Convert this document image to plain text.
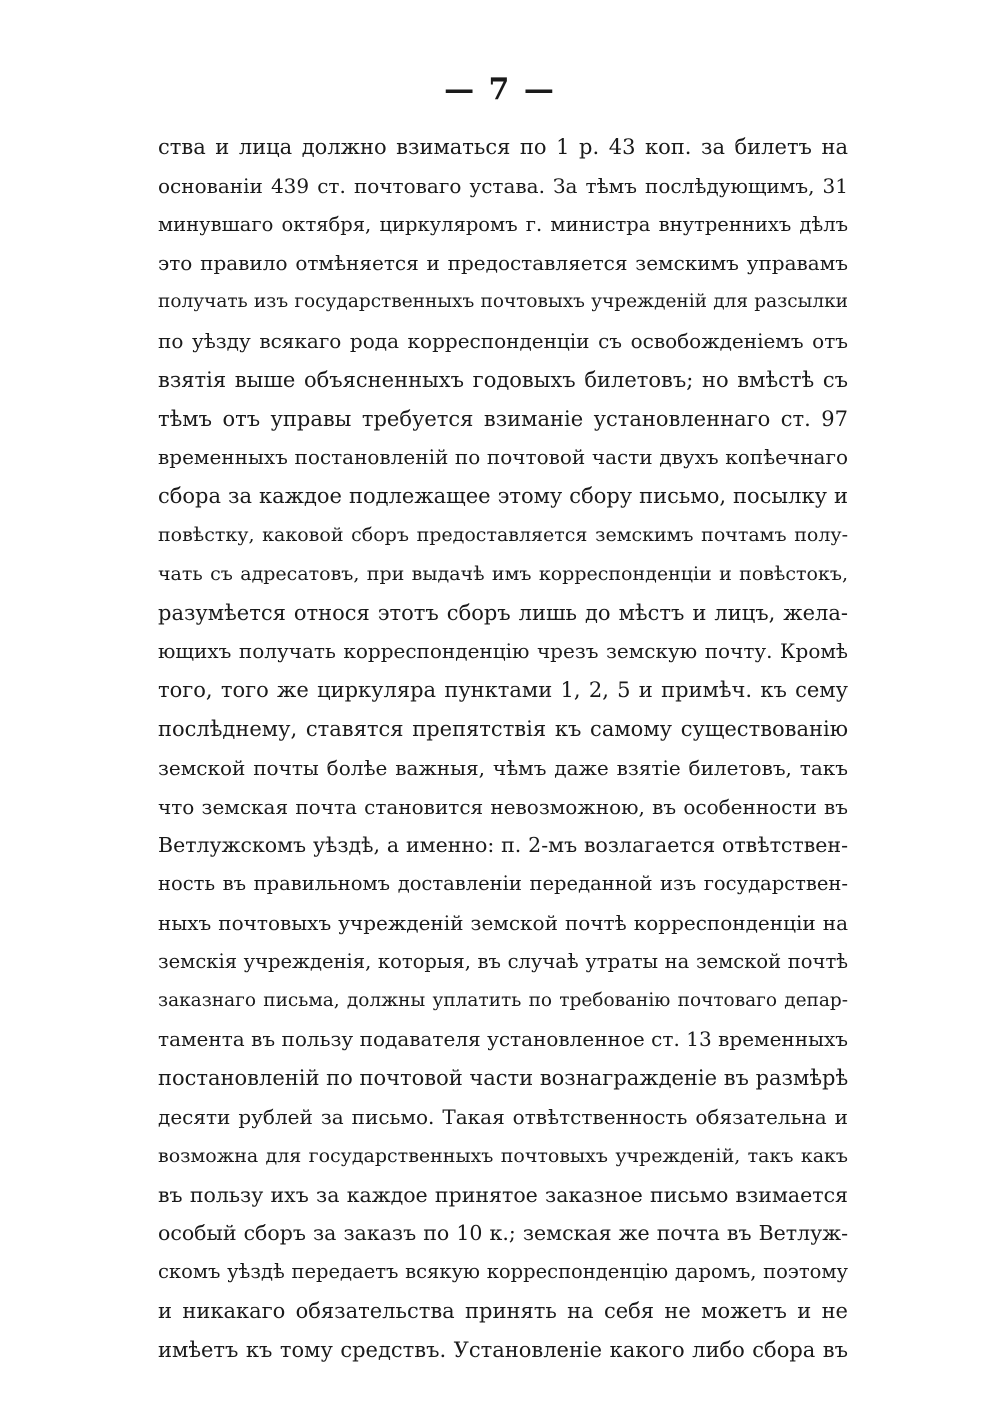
— 7 —
ства и лица должно взиматься по 1 р. 43 коп. за билетъ на
основаніи 439 ст. почтоваго устава. За тѣмъ послѣдующимъ, 31
минувшаго октября, циркуляромъ г. министра внутреннихъ дѣлъ
это правило отмѣняется и предоставляется земскимъ управамъ
получать изъ государственныхъ почтовыхъ учрежденій для разсылки
по уѣзду всякаго рода корреспонденціи съ освобожденіемъ отъ
взятія выше объясненныхъ годовыхъ билетовъ; но вмѣстѣ съ
тѣмъ отъ управы требуется взиманіе установленнаго ст. 97
временныхъ постановленій по почтовой части двухъ копѣечнаго
сбора за каждое подлежащее этому сбору письмо, посылку и
повѣстку, каковой сборъ предоставляется земскимъ почтамъ полу-
чать съ адресатовъ, при выдачѣ имъ корреспонденціи и повѣстокъ,
разумѣется относя этотъ сборъ лишь до мѣстъ и лицъ, жела-
ющихъ получать корреспонденцію чрезъ земскую почту. Кромѣ
того, того же циркуляра пунктами 1, 2, 5 и примѣч. къ сему
послѣднему, ставятся препятствія къ самому существованію
земской почты болѣе важныя, чѣмъ даже взятіе билетовъ, такъ
что земская почта становится невозможною, въ особенности въ
Ветлужскомъ уѣздѣ, а именно: п. 2-мъ возлагается отвѣтствен-
ность въ правильномъ доставленіи переданной изъ государствен-
ныхъ почтовыхъ учрежденій земской почтѣ корреспонденціи на
земскія учрежденія, которыя, въ случаѣ утраты на земской почтѣ
заказнаго письма, должны уплатить по требованію почтоваго депар-
тамента въ пользу подавателя установленное ст. 13 временныхъ
постановленій по почтовой части вознагражденіе въ размѣрѣ
десяти рублей за письмо. Такая отвѣтственность обязательна и
возможна для государственныхъ почтовыхъ учрежденій, такъ какъ
въ пользу ихъ за каждое принятое заказное письмо взимается
особый сборъ за заказъ по 10 к.; земская же почта въ Ветлуж-
скомъ уѣздѣ передаетъ всякую корреспонденцію даромъ, поэтому
и никакаго обязательства принять на себя не можетъ и не
имѣетъ къ тому средствъ. Установленіе какого либо сбора въ
